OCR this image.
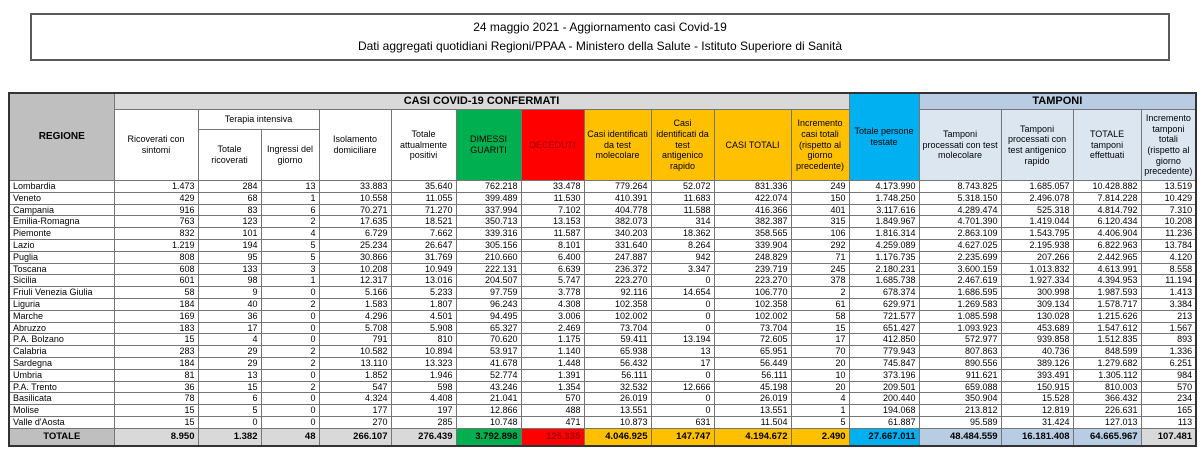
24 maggio 2021 - Aggiornamento casi Covid-19
Dati aggregati quotidiani Regioni/PPAA - Ministero della Salute - Istituto Superiore di Sanità
REGIONE	CASI COVID-19 CONFERMATI											Totale persone testate	TAMPONI			
	Ricoverati con sintomi	Terapia intensiva		Isolamento domiciliare	Totale attualmente positivi	DIMESSI GUARITI	DECEDUTI	Casi identificati da test molecolare	Casi identificati da test antigenico rapido	CASI TOTALI	Incremento casi totali (rispetto al giorno precedente)		Tamponi processati con test molecolare	Tamponi processati con test antigenico rapido	TOTALE tamponi effettuati	Incremento tamponi totali (rispetto al giorno precedente)
		Totale ricoverati	Ingressi del giorno													
Lombardia	1.473	284	13	33.883	35.640	762.218	33.478	779.264	52.072	831.336	249	4.173.990	8.743.825	1.685.057	10.428.882	13.519
Veneto	429	68	1	10.558	11.055	399.489	11.530	410.391	11.683	422.074	150	1.748.250	5.318.150	2.496.078	7.814.228	10.429
Campania	916	83	6	70.271	71.270	337.994	7.102	404.778	11.588	416.366	401	3.117.616	4.289.474	525.318	4.814.792	7.310
Emilia-Romagna	763	123	2	17.635	18.521	350.713	13.153	382.073	314	382.387	315	1.849.967	4.701.390	1.419.044	6.120.434	10.208
Piemonte	832	101	4	6.729	7.662	339.316	11.587	340.203	18.362	358.565	106	1.816.314	2.863.109	1.543.795	4.406.904	11.236
Lazio	1.219	194	5	25.234	26.647	305.156	8.101	331.640	8.264	339.904	292	4.259.089	4.627.025	2.195.938	6.822.963	13.784
Puglia	808	95	5	30.866	31.769	210.660	6.400	247.887	942	248.829	71	1.176.735	2.235.699	207.266	2.442.965	4.120
Toscana	608	133	3	10.208	10.949	222.131	6.639	236.372	3.347	239.719	245	2.180.231	3.600.159	1.013.832	4.613.991	8.558
Sicilia	601	98	1	12.317	13.016	204.507	5.747	223.270	0	223.270	378	1.685.738	2.467.619	1.927.334	4.394.953	11.194
Friuli Venezia Giulia	58	9	0	5.166	5.233	97.759	3.778	92.116	14.654	106.770	2	678.374	1.686.595	300.998	1.987.593	1.413
Liguria	184	40	2	1.583	1.807	96.243	4.308	102.358	0	102.358	61	629.971	1.269.583	309.134	1.578.717	3.384
Marche	169	36	0	4.296	4.501	94.495	3.006	102.002	0	102.002	58	721.577	1.085.598	130.028	1.215.626	213
Abruzzo	183	17	0	5.708	5.908	65.327	2.469	73.704	0	73.704	15	651.427	1.093.923	453.689	1.547.612	1.567
P.A. Bolzano	15	4	0	791	810	70.620	1.175	59.411	13.194	72.605	17	412.850	572.977	939.858	1.512.835	893
Calabria	283	29	2	10.582	10.894	53.917	1.140	65.938	13	65.951	70	779.943	807.863	40.736	848.599	1.336
Sardegna	184	29	2	13.110	13.323	41.678	1.448	56.432	17	56.449	20	745.847	890.556	389.126	1.279.682	6.251
Umbria	81	13	0	1.852	1.946	52.774	1.391	56.111	0	56.111	10	373.196	911.621	393.491	1.305.112	984
P.A. Trento	36	15	2	547	598	43.246	1.354	32.532	12.666	45.198	20	209.501	659.088	150.915	810.003	570
Basilicata	78	6	0	4.324	4.408	21.041	570	26.019	0	26.019	4	200.440	350.904	15.528	366.432	234
Molise	15	5	0	177	197	12.866	488	13.551	0	13.551	1	194.068	213.812	12.819	226.631	165
Valle d'Aosta	15	0	0	270	285	10.748	471	10.873	631	11.504	5	61.887	95.589	31.424	127.013	113
TOTALE	8.950	1.382	48	266.107	276.439	3.792.898	125.335	4.046.925	147.747	4.194.672	2.490	27.667.011	48.484.559	16.181.408	64.665.967	107.481
